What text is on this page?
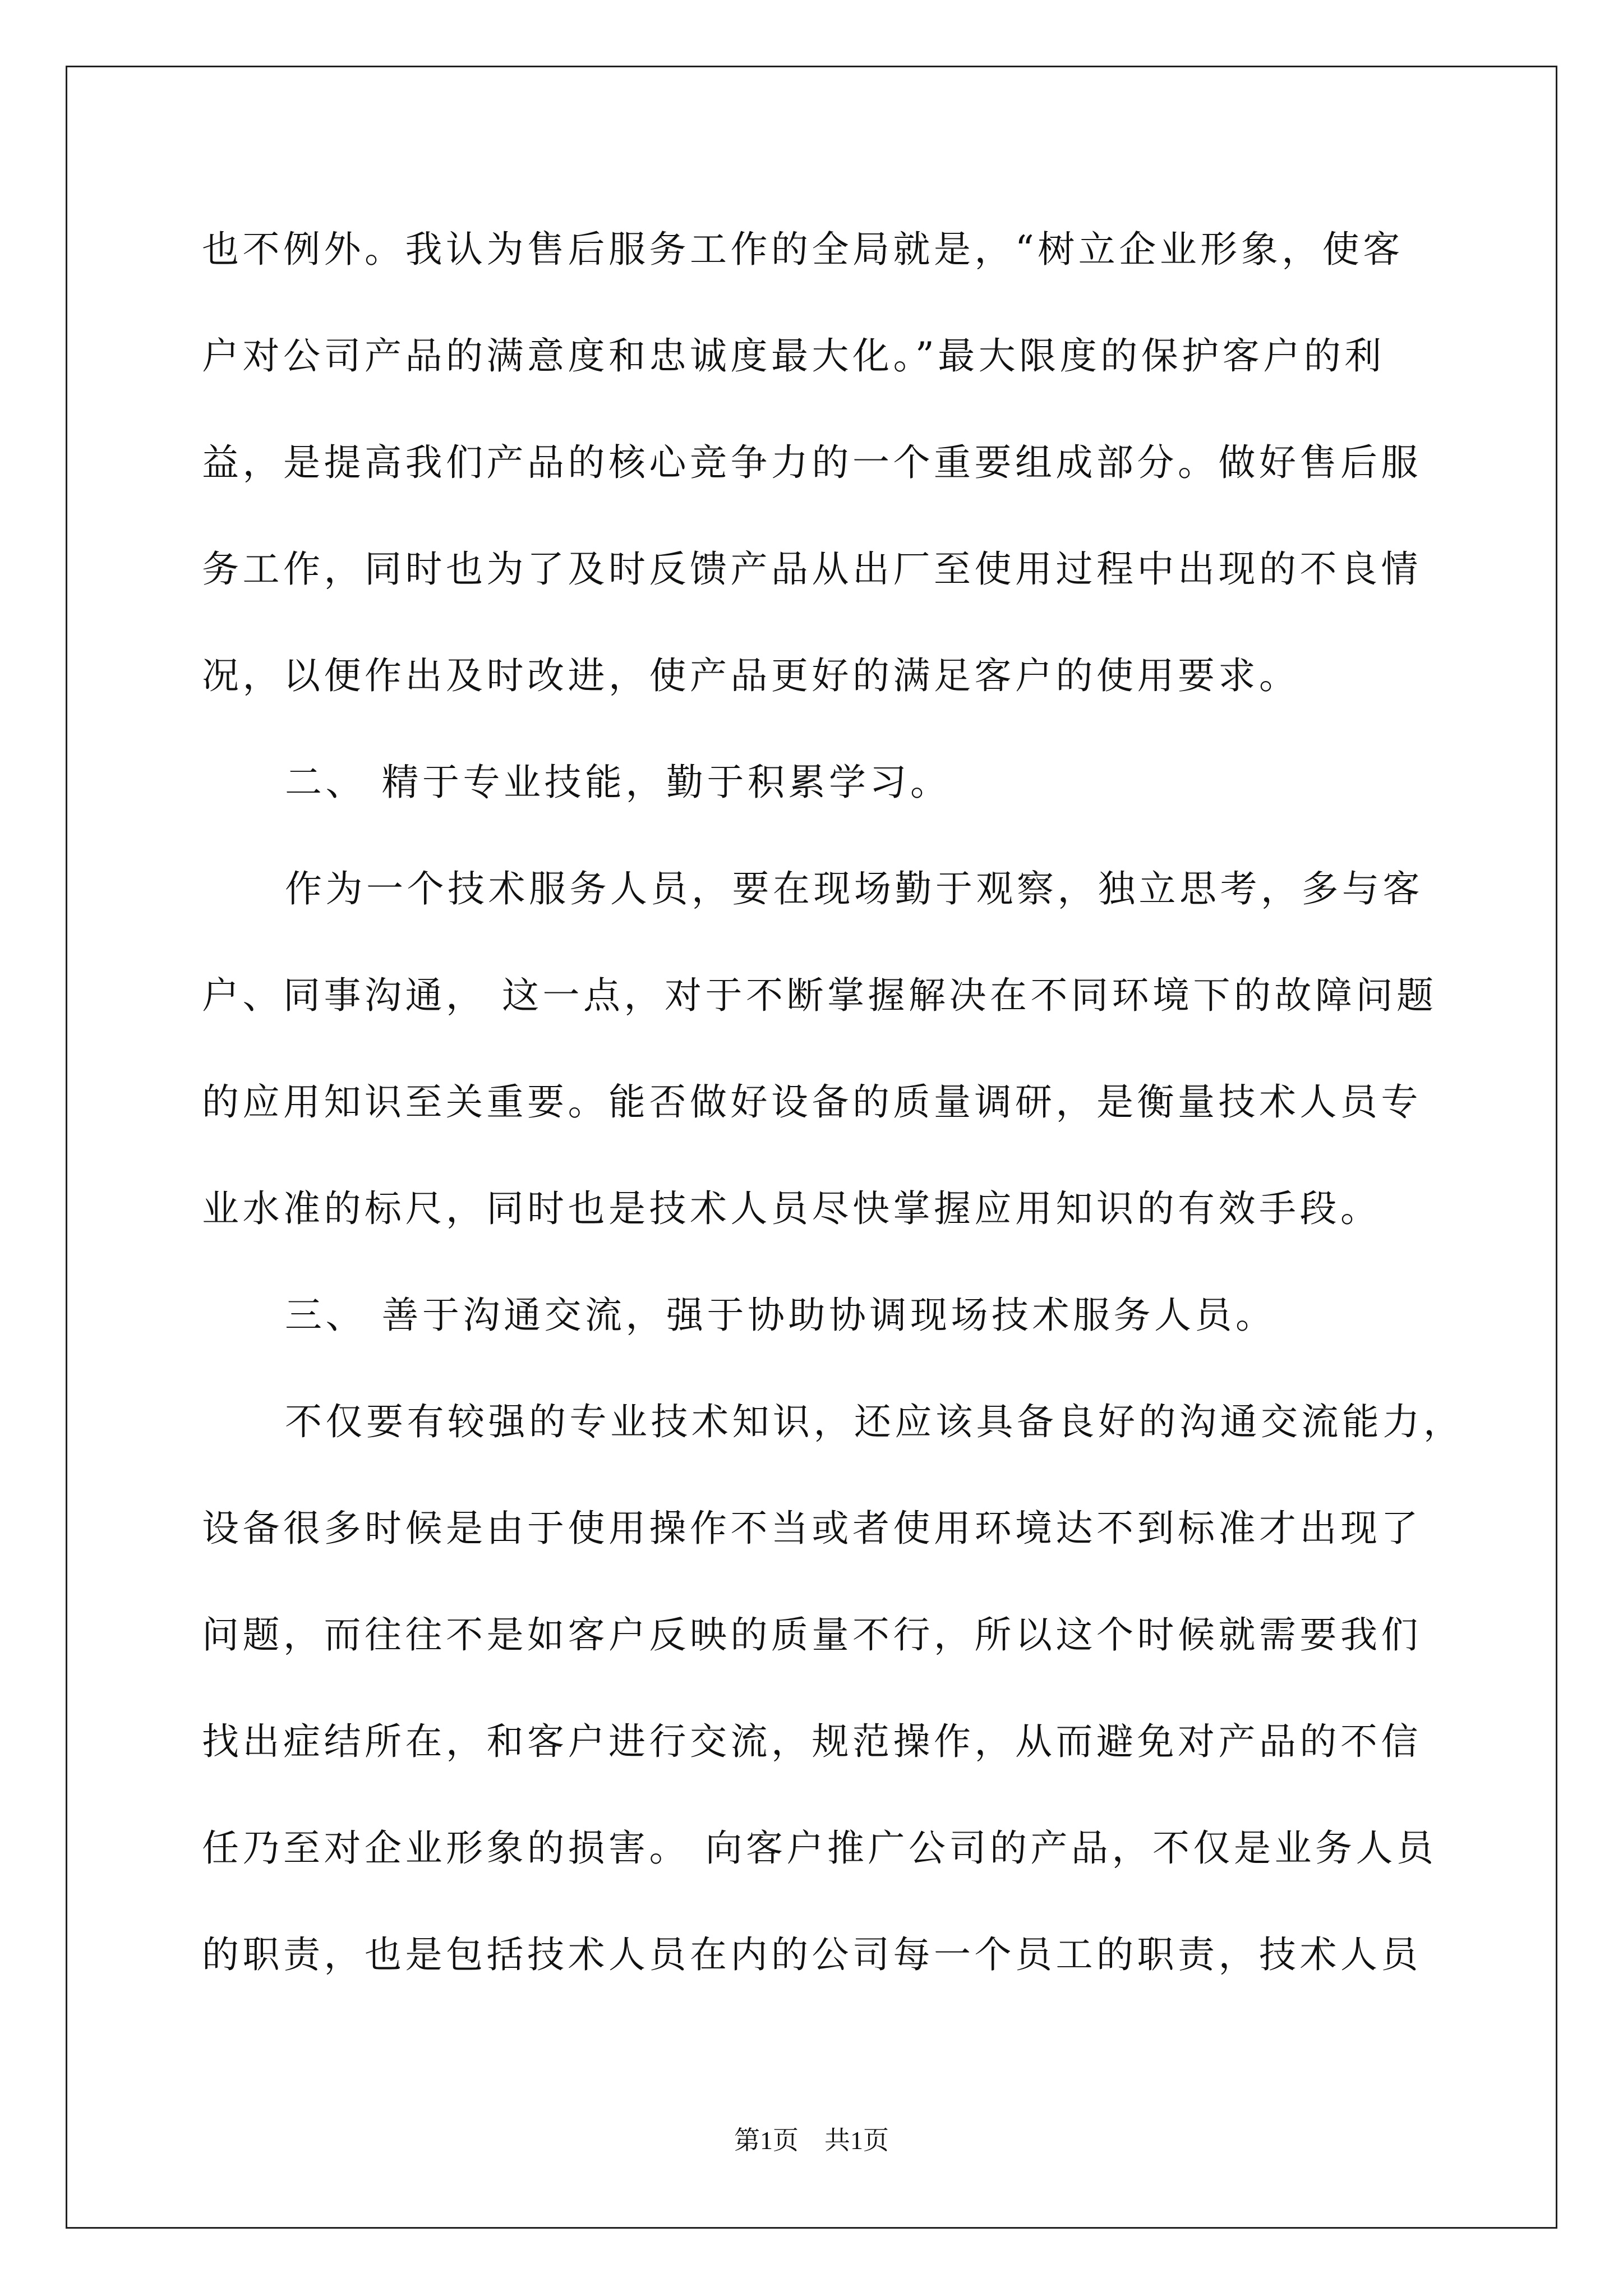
也不例外。我认为售后服务工作的全局就是，“树立企业形象，使客
户对公司产品的满意度和忠诚度最大化。”最大限度的保护客户的利
益，是提高我们产品的核心竞争力的一个重要组成部分。做好售后服
务工作，同时也为了及时反馈产品从出厂至使用过程中出现的不良情
况，以便作出及时改进，使产品更好的满足客户的使用要求。
二、 精于专业技能，勤于积累学习。
作为一个技术服务人员，要在现场勤于观察，独立思考，多与客
户、同事沟通， 这一点，对于不断掌握解决在不同环境下的故障问题
的应用知识至关重要。能否做好设备的质量调研，是衡量技术人员专
业水准的标尺，同时也是技术人员尽快掌握应用知识的有效手段。
三、 善于沟通交流，强于协助协调现场技术服务人员。
不仅要有较强的专业技术知识，还应该具备良好的沟通交流能力，
设备很多时候是由于使用操作不当或者使用环境达不到标准才出现了
问题，而往往不是如客户反映的质量不行，所以这个时候就需要我们
找出症结所在，和客户进行交流，规范操作，从而避免对产品的不信
任乃至对企业形象的损害。 向客户推广公司的产品，不仅是业务人员
的职责，也是包括技术人员在内的公司每一个员工的职责，技术人员
第1页　共1页
